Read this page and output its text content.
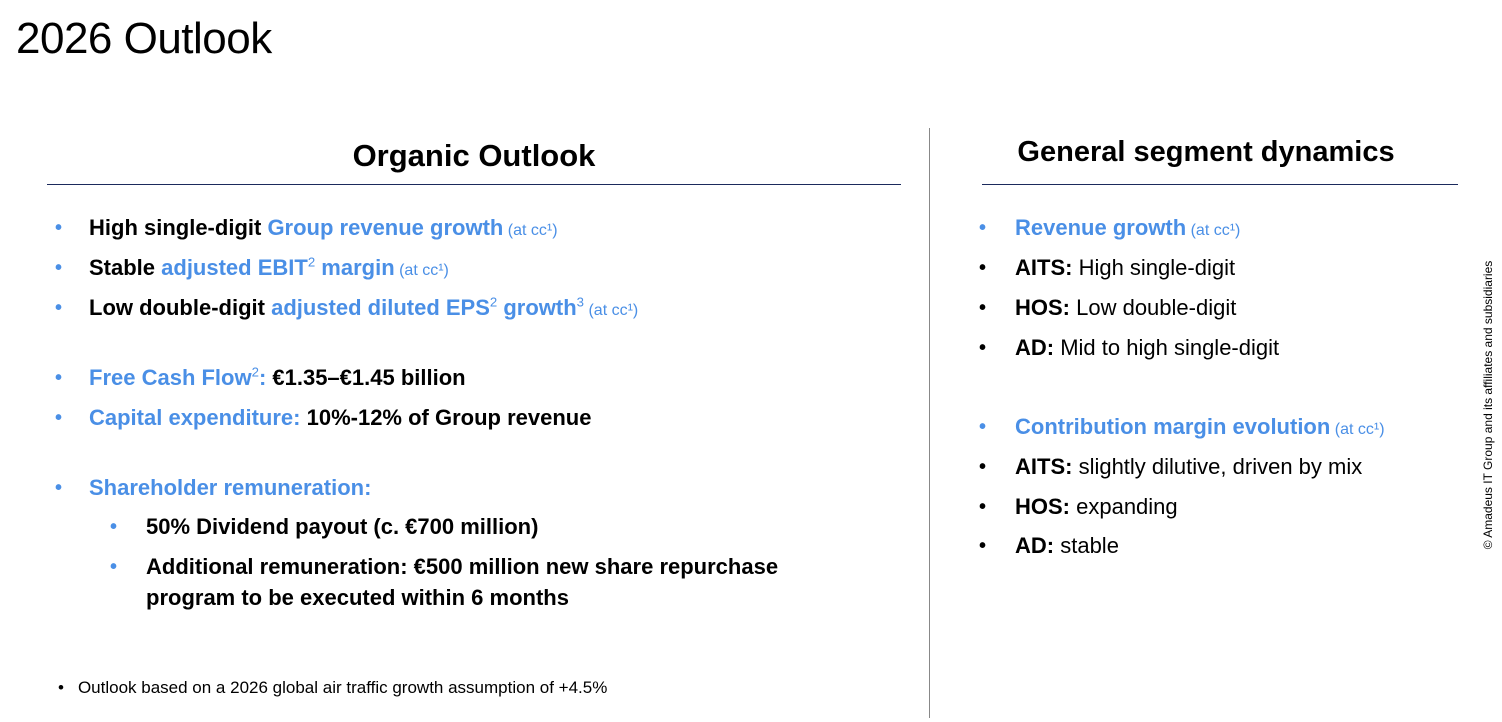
2026 Outlook
Organic Outlook
• High single-digit Group revenue growth (at cc¹)
• Stable adjusted EBIT$^2$ margin (at cc¹)
• Low double-digit adjusted diluted EPS$^2$ growth$^3$ (at cc¹)
• Free Cash Flow$^2$: €1.35–€1.45 billion
• Capital expenditure: 10%-12% of Group revenue
• Shareholder remuneration:
• 50% Dividend payout (c. €700 million)
• Additional remuneration: €500 million new share repurchase
program to be executed within 6 months
• Outlook based on a 2026 global air traffic growth assumption of +4.5%
General segment dynamics
• Revenue growth (at cc¹)
• AITS: High single-digit
• HOS: Low double-digit
• AD: Mid to high single-digit
• Contribution margin evolution (at cc¹)
• AITS: slightly dilutive, driven by mix
• HOS: expanding
• AD: stable	© Amadeus IT Group and its affiliates and subsidiaries
